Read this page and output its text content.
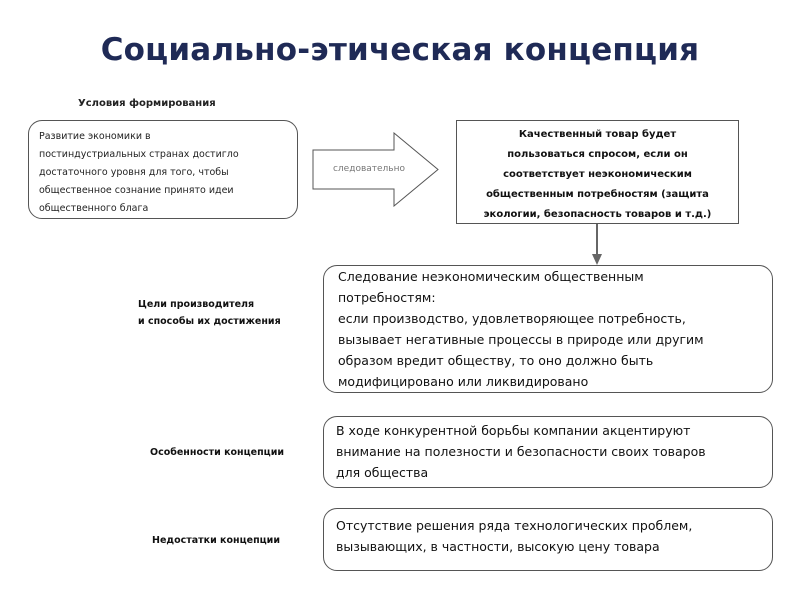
Социально-этическая концепция
Условия формирования
Развитие экономики в
постиндустриальных странах достигло
достаточного уровня для того, чтобы
общественное сознание принято идеи
общественного блага
следовательно
Качественный товар будет
пользоваться спросом, если он
соответствует неэкономическим
общественным потребностям (защита
экологии, безопасность товаров и т.д.)
Цели производителя
и способы их достижения
Следование неэкономическим общественным
потребностям:
если производство, удовлетворяющее потребность,
вызывает негативные процессы в природе или другим
образом вредит обществу, то оно должно быть
модифицировано или ликвидировано
Особенности концепции
В ходе конкурентной борьбы компании акцентируют
внимание на полезности и безопасности своих товаров
для общества
Недостатки концепции
Отсутствие решения ряда технологических проблем,
вызывающих, в частности, высокую цену товара
